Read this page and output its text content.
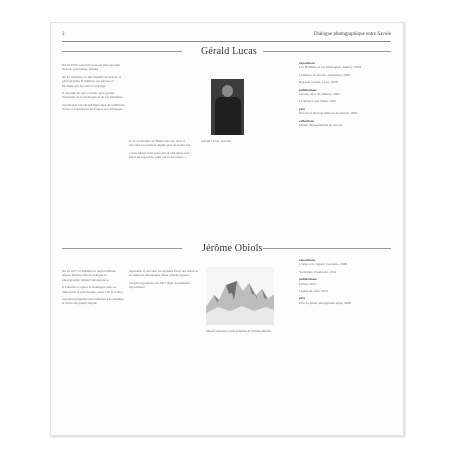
2	Dialogue photographique entre Savoie
Gérald Lucas

Né en 1955, Gérald Lucas est photographe. Artiste, journaliste, éditeur.

Au fil d'Annecy et des massifs de Savoie, il photographie la lumière, les saisons et l'homme qui façonne le paysage.

Il travaille en noir et blanc pour garder l'essentiel de la montagne et de ses habitants.

Ses images ont été publiées dans de nombreux livres et expositions en France et à l'étranger.

Il vit et travaille en Haute-Savoie, dont il parcourt les sentiers depuis plus de trente ans.

« Une image n'est juste que si elle laisse une place au regard de celui qui la découvre. »

Gérald Lucas, portrait.

expositions

Les Hommes et les Montagnes, Annecy, 2004

Lumières de Savoie, Chambéry, 2006

Regards croisés, Lyon, 2008

publications

Savoie, terre de lumière, 2003

Le Silence des cimes, 2007

prix

Prix de la photographie de montagne, 2005

collections

Musée départemental de Savoie

Jérôme Obiols

Né en 1977 et habitant la région Rhône-Alpes, Jérôme Obiols pratique la photographie depuis l'adolescence.

Il s'attache à capter la montagne dans sa dimension la plus épurée, entre ciel et rocher.

Ses photographies sont réalisées à la chambre et tirées sur papier baryté.

Alpiniste, il parcourt les grandes faces des Alpes et en rapporte des images d'une grande rigueur.

Ses photographies ont fait l'objet de plusieurs expositions.

Massif enneigé, photographie de Jérôme Obiols.

expositions

L'Alpe et le regard, Grenoble, 2009

Verticales, Chamonix, 2011

publications

Cimes, 2010

Lignes de crête, 2012

prix

Prix du jeune photographe alpin, 2008
